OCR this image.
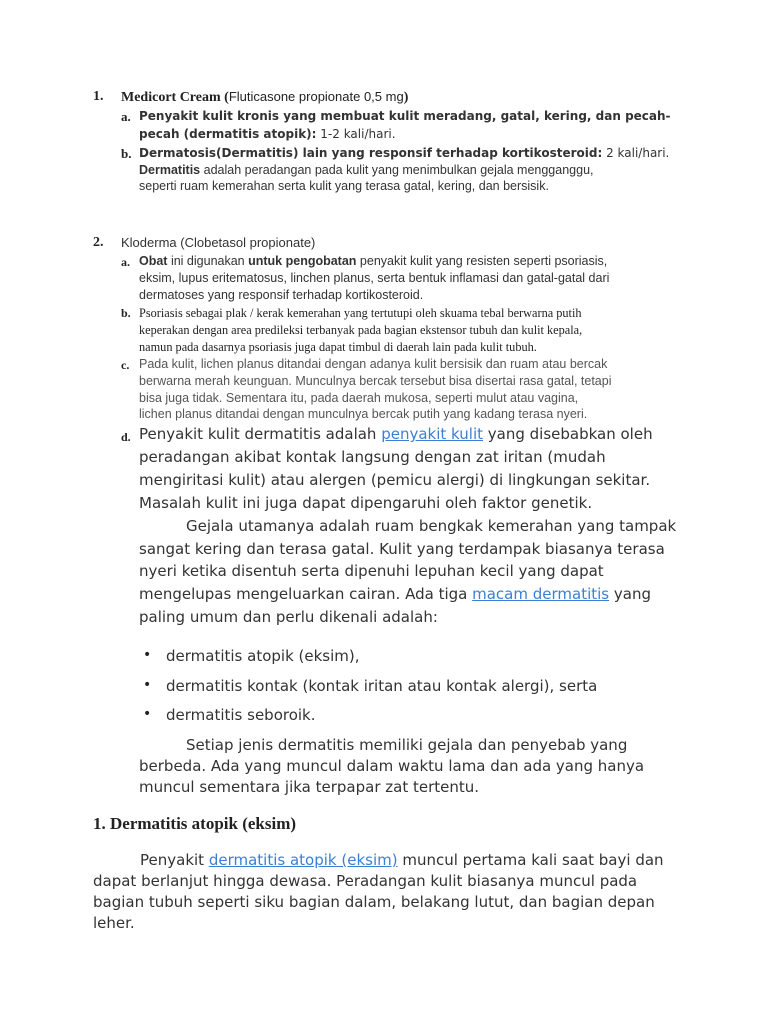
1. Medicort Cream (Fluticasone propionate 0,5 mg)
a. Penyakit kulit kronis yang membuat kulit meradang, gatal, kering, dan pecah-
pecah (dermatitis atopik): 1-2 kali/hari.
b. Dermatosis(Dermatitis) lain yang responsif terhadap kortikosteroid: 2 kali/hari.
Dermatitis adalah peradangan pada kulit yang menimbulkan gejala mengganggu,
seperti ruam kemerahan serta kulit yang terasa gatal, kering, dan bersisik.
2. Kloderma (Clobetasol propionate)
a. Obat ini digunakan untuk pengobatan penyakit kulit yang resisten seperti psoriasis,
eksim, lupus eritematosus, linchen planus, serta bentuk inflamasi dan gatal-gatal dari
dermatoses yang responsif terhadap kortikosteroid.
b. Psoriasis sebagai plak / kerak kemerahan yang tertutupi oleh skuama tebal berwarna putih
keperakan dengan area predileksi terbanyak pada bagian ekstensor tubuh dan kulit kepala,
namun pada dasarnya psoriasis juga dapat timbul di daerah lain pada kulit tubuh.
c. Pada kulit, lichen planus ditandai dengan adanya kulit bersisik dan ruam atau bercak
berwarna merah keunguan. Munculnya bercak tersebut bisa disertai rasa gatal, tetapi
bisa juga tidak. Sementara itu, pada daerah mukosa, seperti mulut atau vagina,
lichen planus ditandai dengan munculnya bercak putih yang kadang terasa nyeri.
d. Penyakit kulit dermatitis adalah penyakit kulit yang disebabkan oleh
peradangan akibat kontak langsung dengan zat iritan (mudah
mengiritasi kulit) atau alergen (pemicu alergi) di lingkungan sekitar.
Masalah kulit ini juga dapat dipengaruhi oleh faktor genetik.
Gejala utamanya adalah ruam bengkak kemerahan yang tampak
sangat kering dan terasa gatal. Kulit yang terdampak biasanya terasa
nyeri ketika disentuh serta dipenuhi lepuhan kecil yang dapat
mengelupas mengeluarkan cairan. Ada tiga macam dermatitis yang
paling umum dan perlu dikenali adalah:
• dermatitis atopik (eksim),
• dermatitis kontak (kontak iritan atau kontak alergi), serta
• dermatitis seboroik.
Setiap jenis dermatitis memiliki gejala dan penyebab yang
berbeda. Ada yang muncul dalam waktu lama dan ada yang hanya
muncul sementara jika terpapar zat tertentu.
1. Dermatitis atopik (eksim)
Penyakit dermatitis atopik (eksim) muncul pertama kali saat bayi dan
dapat berlanjut hingga dewasa. Peradangan kulit biasanya muncul pada
bagian tubuh seperti siku bagian dalam, belakang lutut, dan bagian depan
leher.
